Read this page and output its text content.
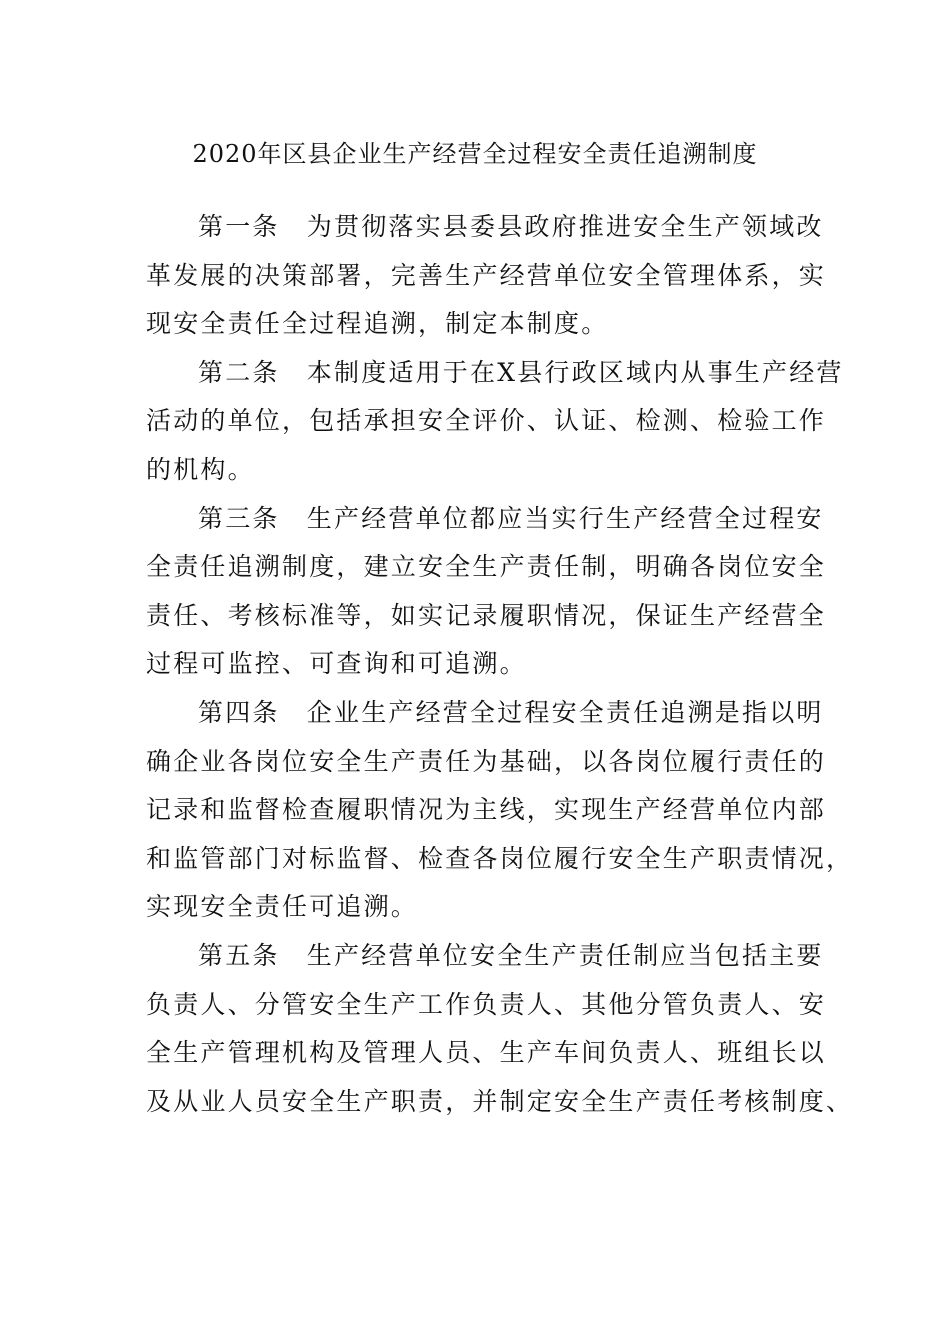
2020年区县企业生产经营全过程安全责任追溯制度
第一条　为贯彻落实县委县政府推进安全生产领域改
革发展的决策部署，完善生产经营单位安全管理体系，实
现安全责任全过程追溯，制定本制度。
第二条　本制度适用于在X县行政区域内从事生产经营
活动的单位，包括承担安全评价、认证、检测、检验工作
的机构。
第三条　生产经营单位都应当实行生产经营全过程安
全责任追溯制度，建立安全生产责任制，明确各岗位安全
责任、考核标准等，如实记录履职情况，保证生产经营全
过程可监控、可查询和可追溯。
第四条　企业生产经营全过程安全责任追溯是指以明
确企业各岗位安全生产责任为基础，以各岗位履行责任的
记录和监督检查履职情况为主线，实现生产经营单位内部
和监管部门对标监督、检查各岗位履行安全生产职责情况，
实现安全责任可追溯。
第五条　生产经营单位安全生产责任制应当包括主要
负责人、分管安全生产工作负责人、其他分管负责人、安
全生产管理机构及管理人员、生产车间负责人、班组长以
及从业人员安全生产职责，并制定安全生产责任考核制度、
